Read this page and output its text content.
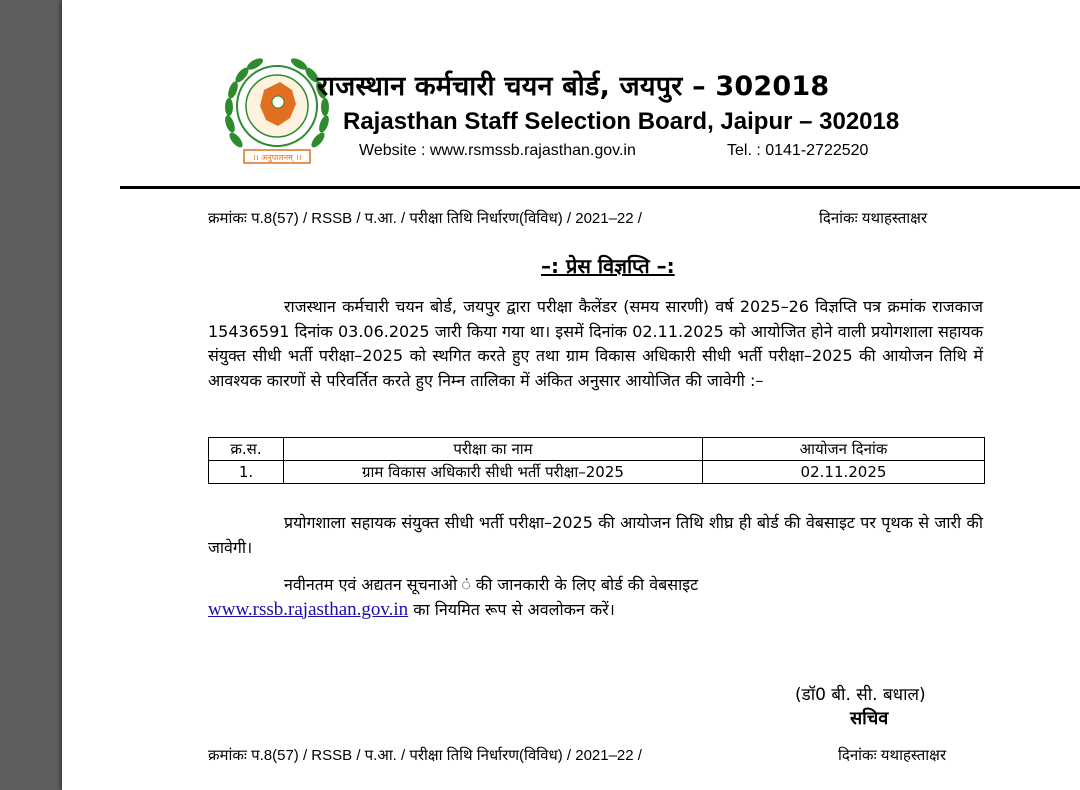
।। अनुपालनम् ।।
राजस्थान कर्मचारी चयन बोर्ड, जयपुर – 302018
Rajasthan Staff Selection Board, Jaipur – 302018
Website : www.rsmssb.rajasthan.gov.in	Tel. : 0141-2722520
क्रमांकः प.8(57) / RSSB / प.आ. / परीक्षा तिथि निर्धारण(विविध) / 2021–22 /	दिनांकः यथाहस्ताक्षर
–: प्रेस विज्ञप्ति –:
राजस्थान कर्मचारी चयन बोर्ड, जयपुर द्वारा परीक्षा कैलेंडर (समय सारणी) वर्ष 2025–26 विज्ञप्ति पत्र क्रमांक राजकाज 15436591 दिनांक 03.06.2025 जारी किया गया था। इसमें दिनांक 02.11.2025 को आयोजित होने वाली प्रयोगशाला सहायक संयुक्त सीधी भर्ती परीक्षा–2025 को स्थगित करते हुए तथा ग्राम विकास अधिकारी सीधी भर्ती परीक्षा–2025 की आयोजन तिथि में आवश्यक कारणों से परिवर्तित करते हुए निम्न तालिका में अंकित अनुसार आयोजित की जावेगी :–
क्र.स.	परीक्षा का नाम	आयोजन दिनांक
1.	ग्राम विकास अधिकारी सीधी भर्ती परीक्षा–2025	02.11.2025
प्रयोगशाला सहायक संयुक्त सीधी भर्ती परीक्षा–2025 की आयोजन तिथि शीघ्र ही बोर्ड की वेबसाइट पर पृथक से जारी की जावेगी।
नवीनतम एवं अद्यतन सूचनाओ ं की जानकारी के लिए बोर्ड की वेबसाइट
www.rssb.rajasthan.gov.in का नियमित रूप से अवलोकन करें।
(डॉ0 बी. सी. बधाल)
सचिव
क्रमांकः प.8(57) / RSSB / प.आ. / परीक्षा तिथि निर्धारण(विविध) / 2021–22 /	दिनांकः यथाहस्ताक्षर
